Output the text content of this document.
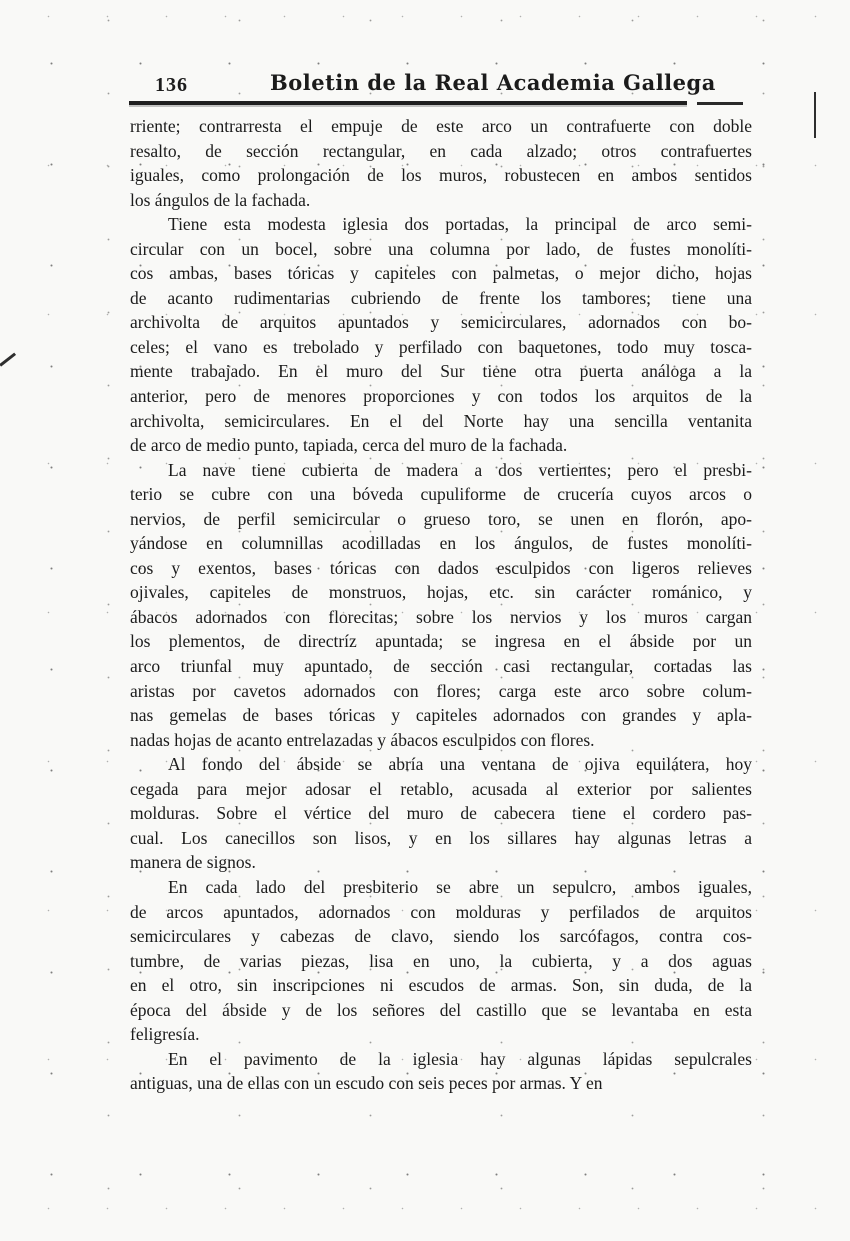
136	Boletin de la Real Academia Gallega
rriente; contrarresta el empuje de este arco un contrafuerte con doble
resalto, de sección rectangular, en cada alzado; otros contrafuertes
iguales, como prolongación de los muros, robustecen en ambos sentidos
los ángulos de la fachada.
Tiene esta modesta iglesia dos portadas, la principal de arco semi-
circular con un bocel, sobre una columna por lado, de fustes monolíti-
cos ambas, bases tóricas y capiteles con palmetas, o mejor dicho, hojas
de acanto rudimentarias cubriendo de frente los tambores; tiene una
archivolta de arquitos apuntados y semicirculares, adornados con bo-
celes; el vano es trebolado y perfilado con baquetones, todo muy tosca-
mente trabajado. En el muro del Sur tiene otra puerta análoga a la
anterior, pero de menores proporciones y con todos los arquitos de la
archivolta, semicirculares. En el del Norte hay una sencilla ventanita
de arco de medio punto, tapiada, cerca del muro de la fachada.
La nave tiene cubierta de madera a dos vertientes; pero el presbi-
terio se cubre con una bóveda cupuliforme de crucería cuyos arcos o
nervios, de perfil semicircular o grueso toro, se unen en florón, apo-
yándose en columnillas acodilladas en los ángulos, de fustes monolíti-
cos y exentos, bases tóricas con dados esculpidos con ligeros relieves
ojivales, capiteles de monstruos, hojas, etc. sin carácter románico, y
ábacos adornados con florecitas; sobre los nervios y los muros cargan
los plementos, de directríz apuntada; se ingresa en el ábside por un
arco triunfal muy apuntado, de sección casi rectangular, cortadas las
aristas por cavetos adornados con flores; carga este arco sobre colum-
nas gemelas de bases tóricas y capiteles adornados con grandes y apla-
nadas hojas de acanto entrelazadas y ábacos esculpidos con flores.
Al fondo del ábside se abría una ventana de ojiva equilátera, hoy
cegada para mejor adosar el retablo, acusada al exterior por salientes
molduras. Sobre el vértice del muro de cabecera tiene el cordero pas-
cual. Los canecillos son lisos, y en los sillares hay algunas letras a
manera de signos.
En cada lado del presbiterio se abre un sepulcro, ambos iguales,
de arcos apuntados, adornados con molduras y perfilados de arquitos
semicirculares y cabezas de clavo, siendo los sarcófagos, contra cos-
tumbre, de varias piezas, lisa en uno, la cubierta, y a dos aguas
en el otro, sin inscripciones ni escudos de armas. Son, sin duda, de la
época del ábside y de los señores del castillo que se levantaba en esta
feligresía.
En el pavimento de la iglesia hay algunas lápidas sepulcrales
antiguas, una de ellas con un escudo con seis peces por armas. Y en
